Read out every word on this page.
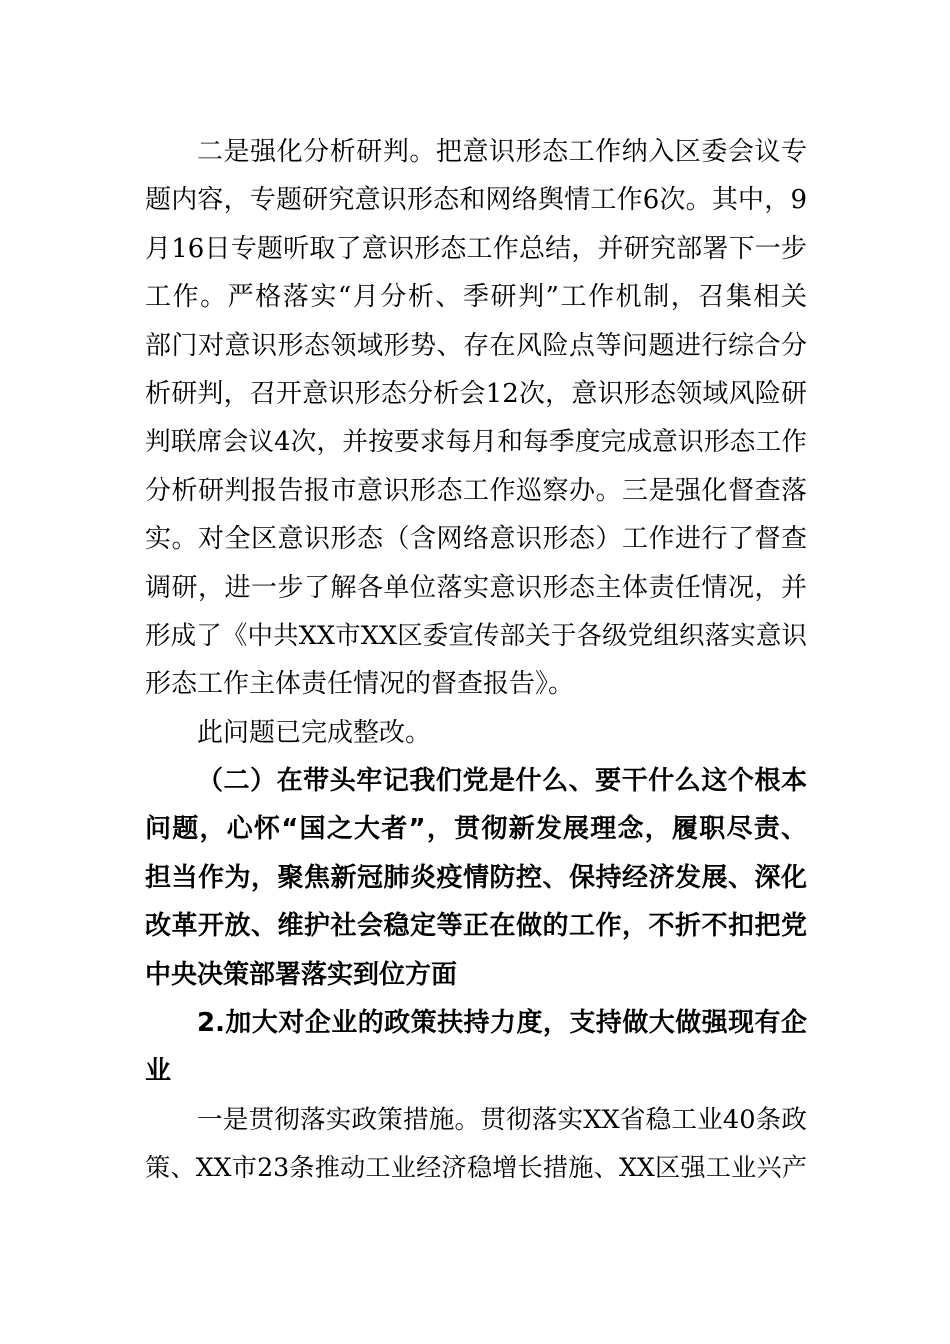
二是强化分析研判。把意识形态工作纳入区委会议专
题内容，专题研究意识形态和网络舆情工作6次。其中，9
月16日专题听取了意识形态工作总结，并研究部署下一步
工作。严格落实“月分析、季研判”工作机制，召集相关
部门对意识形态领域形势、存在风险点等问题进行综合分
析研判，召开意识形态分析会12次，意识形态领域风险研
判联席会议4次，并按要求每月和每季度完成意识形态工作
分析研判报告报市意识形态工作巡察办。三是强化督查落
实。对全区意识形态（含网络意识形态）工作进行了督查
调研，进一步了解各单位落实意识形态主体责任情况，并
形成了《中共XX市XX区委宣传部关于各级党组织落实意识
形态工作主体责任情况的督查报告》。
此问题已完成整改。
（二）在带头牢记我们党是什么、要干什么这个根本
问题，心怀“国之大者”，贯彻新发展理念，履职尽责、
担当作为，聚焦新冠肺炎疫情防控、保持经济发展、深化
改革开放、维护社会稳定等正在做的工作，不折不扣把党
中央决策部署落实到位方面
2.加大对企业的政策扶持力度，支持做大做强现有企
业
一是贯彻落实政策措施。贯彻落实XX省稳工业40条政
策、XX市23条推动工业经济稳增长措施、XX区强工业兴产
